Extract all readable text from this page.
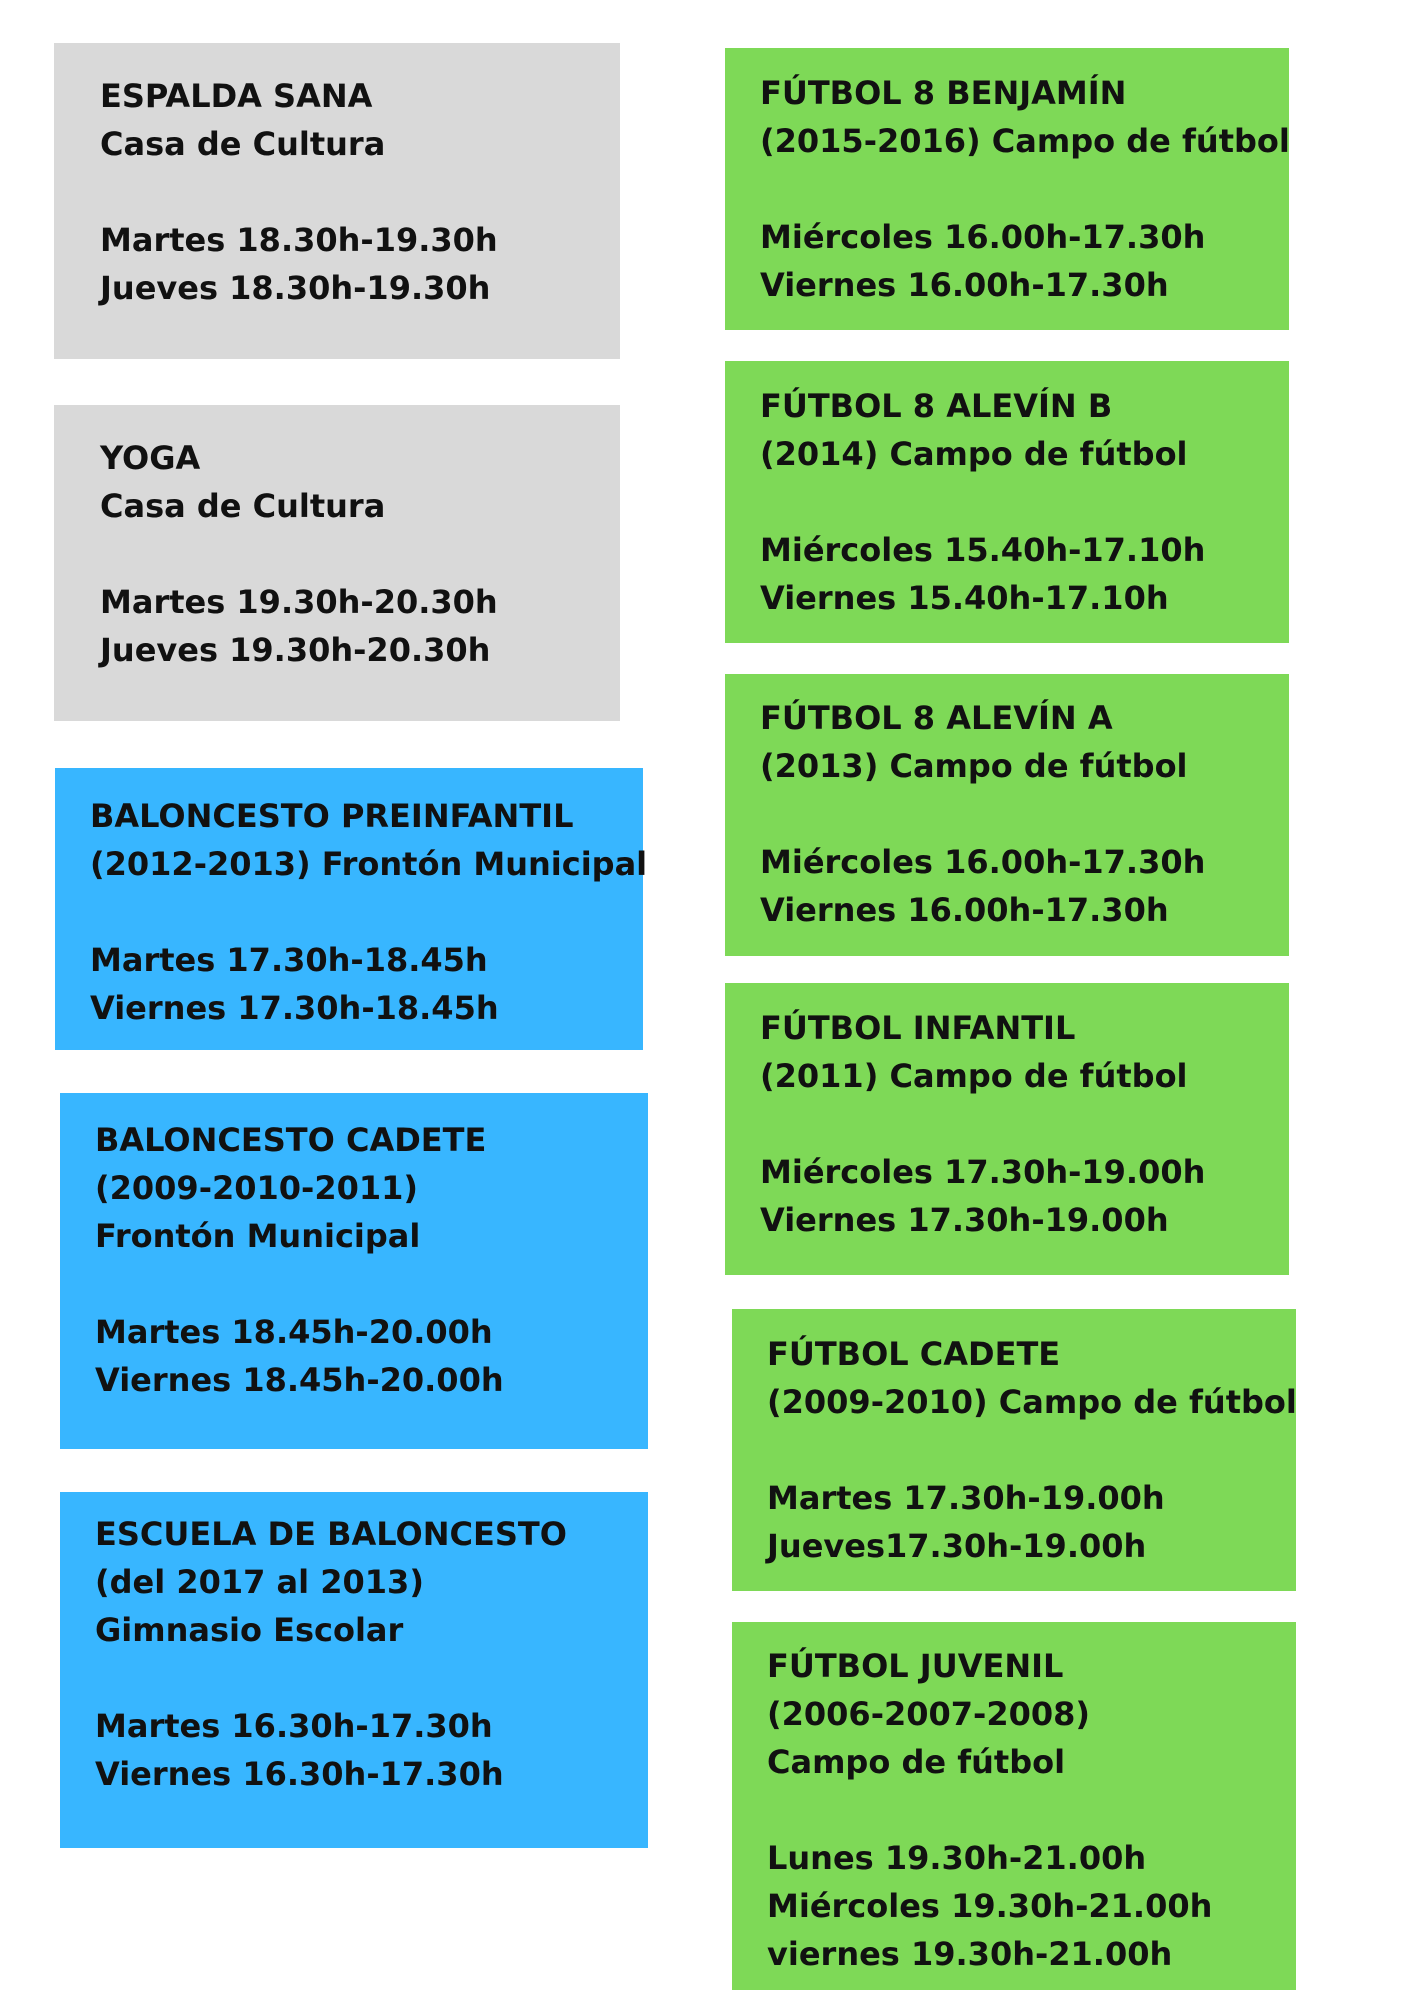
ESPALDA SANA
Casa de Cultura
Martes 18.30h-19.30h
Jueves 18.30h-19.30h
YOGA
Casa de Cultura
Martes 19.30h-20.30h
Jueves 19.30h-20.30h
BALONCESTO PREINFANTIL
(2012-2013) Frontón Municipal
Martes 17.30h-18.45h
Viernes 17.30h-18.45h
BALONCESTO CADETE
(2009-2010-2011)
Frontón Municipal
Martes 18.45h-20.00h
Viernes 18.45h-20.00h
ESCUELA DE BALONCESTO
(del 2017 al 2013)
Gimnasio Escolar
Martes 16.30h-17.30h
Viernes 16.30h-17.30h
FÚTBOL 8 BENJAMÍN
(2015-2016) Campo de fútbol
Miércoles 16.00h-17.30h
Viernes 16.00h-17.30h
FÚTBOL 8 ALEVÍN B
(2014) Campo de fútbol
Miércoles 15.40h-17.10h
Viernes 15.40h-17.10h
FÚTBOL 8 ALEVÍN A
(2013) Campo de fútbol
Miércoles 16.00h-17.30h
Viernes 16.00h-17.30h
FÚTBOL INFANTIL
(2011) Campo de fútbol
Miércoles 17.30h-19.00h
Viernes 17.30h-19.00h
FÚTBOL CADETE
(2009-2010) Campo de fútbol
Martes 17.30h-19.00h
Jueves17.30h-19.00h
FÚTBOL JUVENIL
(2006-2007-2008)
Campo de fútbol
Lunes 19.30h-21.00h
Miércoles 19.30h-21.00h
viernes 19.30h-21.00h
